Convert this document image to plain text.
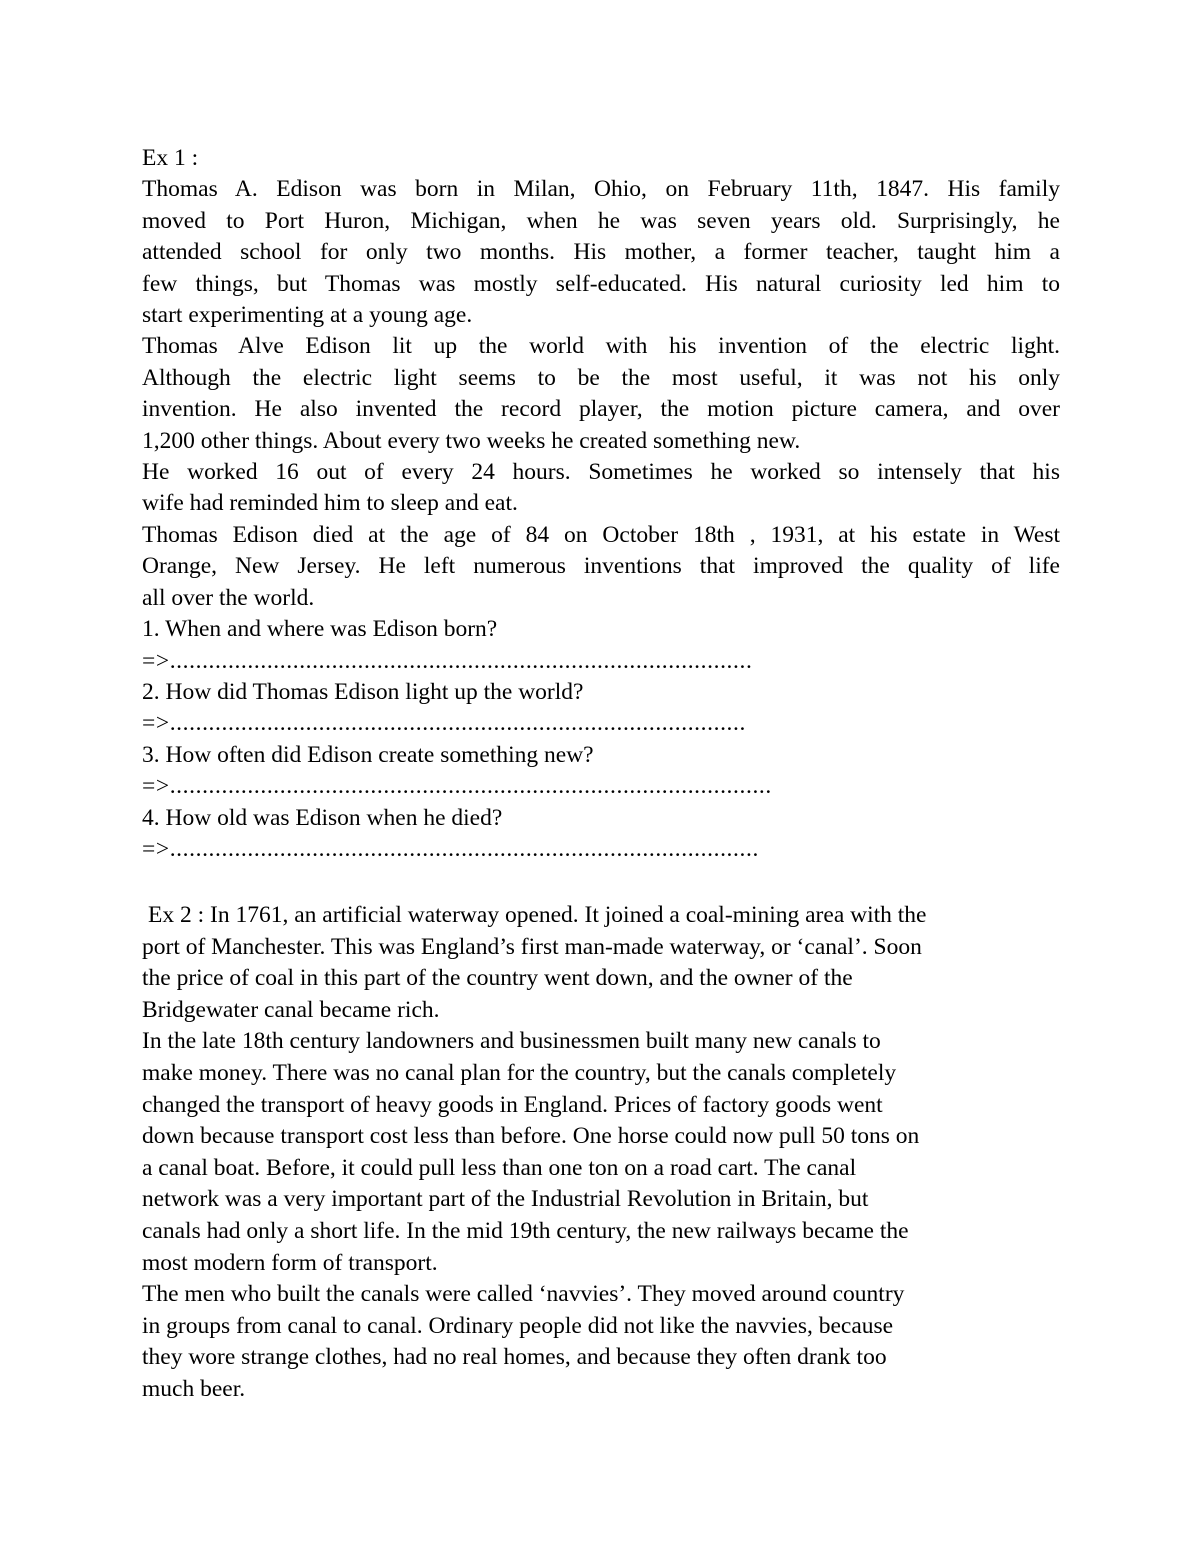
Ex 1 :
Thomas A. Edison was born in Milan, Ohio, on February 11th, 1847. His family
moved to Port Huron, Michigan, when he was seven years old. Surprisingly, he
attended school for only two months. His mother, a former teacher, taught him a
few things, but Thomas was mostly self-educated. His natural curiosity led him to
start experimenting at a young age.
Thomas Alve Edison lit up the world with his invention of the electric light.
Although the electric light seems to be the most useful, it was not his only
invention. He also invented the record player, the motion picture camera, and over
1,200 other things. About every two weeks he created something new.
He worked 16 out of every 24 hours. Sometimes he worked so intensely that his
wife had reminded him to sleep and eat.
Thomas Edison died at the age of 84 on October 18th , 1931, at his estate in West
Orange, New Jersey. He left numerous inventions that improved the quality of life
all over the world.
1. When and where was Edison born?
=>..........................................................................................
2. How did Thomas Edison light up the world?
=>.........................................................................................
3. How often did Edison create something new?
=>.............................................................................................
4. How old was Edison when he died?
=>...........................................................................................
Ex 2 : In 1761, an artificial waterway opened. It joined a coal-mining area with the
port of Manchester. This was England’s first man-made waterway, or ‘canal’. Soon
the price of coal in this part of the country went down, and the owner of the
Bridgewater canal became rich.
In the late 18th century landowners and businessmen built many new canals to
make money. There was no canal plan for the country, but the canals completely
changed the transport of heavy goods in England. Prices of factory goods went
down because transport cost less than before. One horse could now pull 50 tons on
a canal boat. Before, it could pull less than one ton on a road cart. The canal
network was a very important part of the Industrial Revolution in Britain, but
canals had only a short life. In the mid 19th century, the new railways became the
most modern form of transport.
The men who built the canals were called ‘navvies’. They moved around country
in groups from canal to canal. Ordinary people did not like the navvies, because
they wore strange clothes, had no real homes, and because they often drank too
much beer.
